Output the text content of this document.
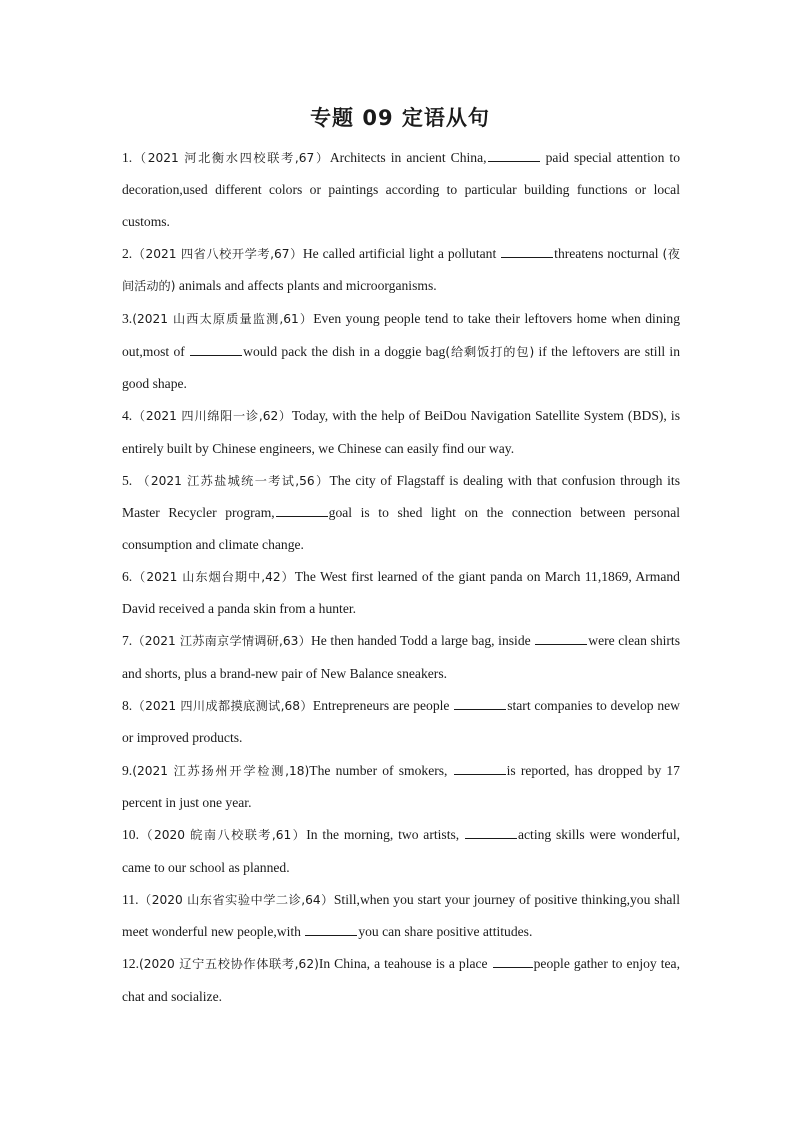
专题 09 定语从句

1.（2021 河北衡水四校联考,67）Architects in ancient China,	paid special attention to decoration,used different colors or paintings according to particular building functions or local customs.

2.（2021 四省八校开学考,67）He called artificial light a pollutant	threatens nocturnal (夜间活动的) animals and affects plants and microorganisms.

3.(2021 山西太原质量监测,61）Even young people tend to take their leftovers home when dining out,most of	would pack the dish in a doggie bag(给剩饭打的包) if the leftovers are still in good shape.

4.（2021 四川绵阳一诊,62）Today, with the help of BeiDou Navigation Satellite System (BDS), is entirely built by Chinese engineers, we Chinese can easily find our way.

5. （2021 江苏盐城统一考试,56）The city of Flagstaff is dealing with that confusion through its Master Recycler program,	goal is to shed light on the connection between personal consumption and climate change.

6.（2021 山东烟台期中,42）The West first learned of the giant panda on March 11,1869, Armand David received a panda skin from a hunter.

7.（2021 江苏南京学情调研,63）He then handed Todd a large bag, inside	were clean shirts and shorts, plus a brand-new pair of New Balance sneakers.

8.（2021 四川成都摸底测试,68）Entrepreneurs are people	start companies to develop new or improved products.

9.(2021 江苏扬州开学检测,18)The number of smokers,	is reported, has dropped by 17 percent in just one year.

10.（2020 皖南八校联考,61）In the morning, two artists,	acting skills were wonderful, came to our school as planned.

11.（2020 山东省实验中学二诊,64）Still,when you start your journey of positive thinking,you shall meet wonderful new people,with	you can share positive attitudes.

12.(2020 辽宁五校协作体联考,62)In China, a teahouse is a place	people gather to enjoy tea, chat and socialize.
